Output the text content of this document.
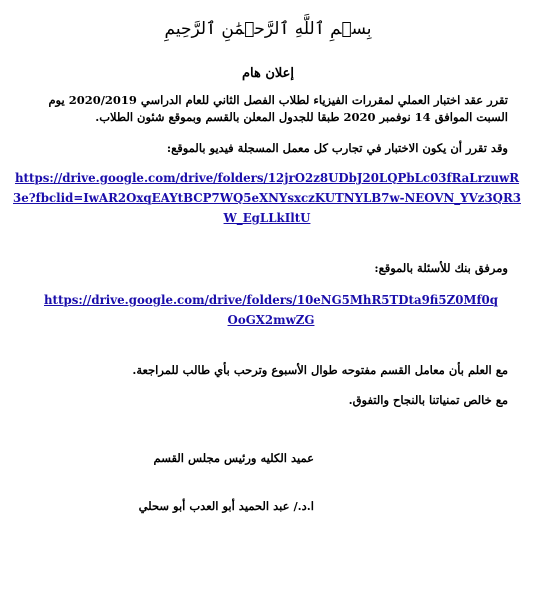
بِسۡمِ ٱللَّهِ ٱلرَّحۡمَٰنِ ٱلرَّحِيمِ
إعلان هام
تقرر عقد اختبار العملي لمقررات الفيزياء لطلاب الفصل الثاني للعام الدراسي 2020/2019 يوم السبت الموافق 14 نوفمبر 2020 طبقا للجدول المعلن بالقسم وبموقع شئون الطلاب.
وقد تقرر أن يكون الاختبار في تجارب كل معمل المسجلة فيديو بالموقع:
https://drive.google.com/drive/folders/12jrO2z8UDbJ20LQPbLc03fRaLrzuwR3e?fbclid=IwAR2OxqEAYtBCP7WQ5eXNYsxczKUTNYLB7w-NEOVN_YVz3QR3W_EgLLkIltU
ومرفق بنك للأسئلة بالموقع:
https://drive.google.com/drive/folders/10eNG5MhR5TDta9fi5Z0Mf0qOoGX2mwZG
مع العلم بأن معامل القسم مفتوحه طوال الأسبوع وترحب بأي طالب للمراجعة.
مع خالص تمنياتنا بالنجاح والتفوق.
عميد الكليه ورئيس مجلس القسم
ا.د./ عبد الحميد أبو العدب أبو سحلي
